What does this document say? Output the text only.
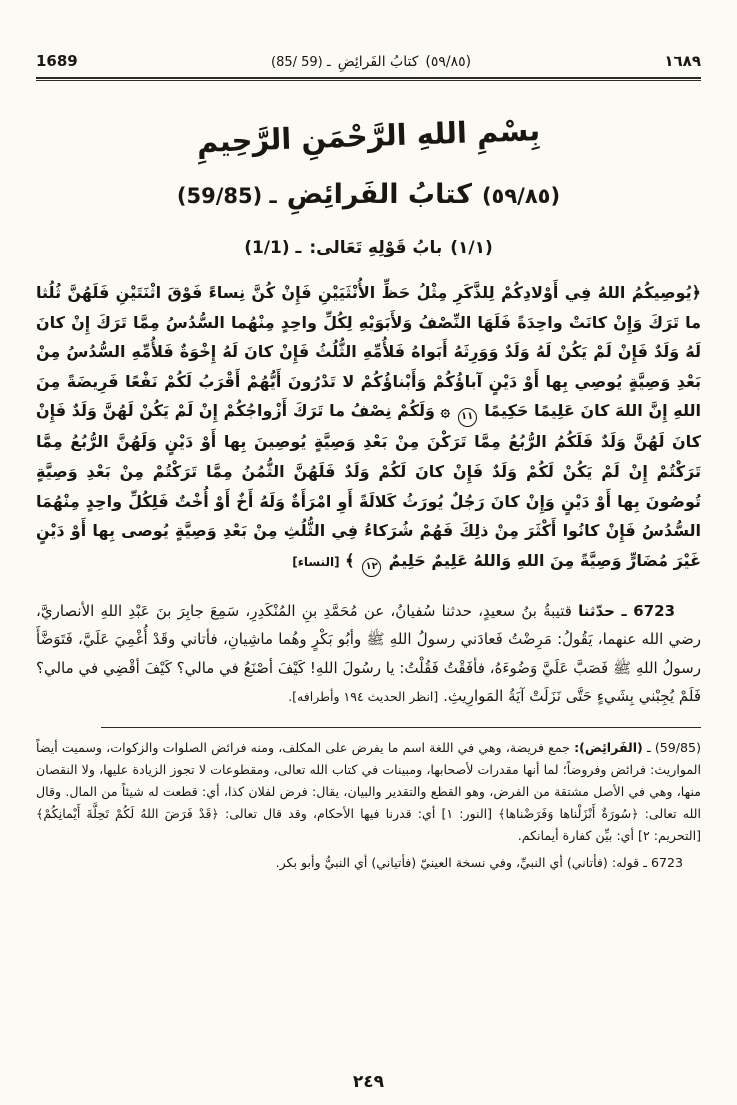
1689	(85/ 59) ـ كتابُ الفَرائِضِ (٥٩/٨٥)	١٦٨٩
بِسْمِ اللهِ الرَّحْمَنِ الرَّحِيمِ
(59/85) ـ كتابُ الفَرائِضِ (٥٩/٨٥)
(1/1) ـ بابُ قَوْلِهِ تَعَالى: (١/١)

﴿يُوصِيكُمُ اللهُ فِي أَوْلادِكُمْ لِلذَّكَرِ مِثْلُ حَظِّ الأُنْثَيَيْنِ فَإِنْ كُنَّ نِساءً فَوْقَ اثْنَتَيْنِ فَلَهُنَّ ثُلُثا ما تَرَكَ وَإِنْ كانَتْ واحِدَةً فَلَهَا النِّصْفُ وَلأَبَوَيْهِ لِكُلِّ واحِدٍ مِنْهُما السُّدُسُ مِمَّا تَرَكَ إِنْ كانَ لَهُ وَلَدٌ فَإِنْ لَمْ يَكُنْ لَهُ وَلَدٌ وَوَرِثَهُ أَبَواهُ فَلأُمِّهِ الثُّلُثُ فَإِنْ كانَ لَهُ إِخْوَةٌ فَلأُمِّهِ السُّدُسُ مِنْ بَعْدِ وَصِيَّةٍ يُوصِي بِها أَوْ دَيْنٍ آباؤُكُمْ وَأَبْناؤُكُمْ لا تَدْرُونَ أَيُّهُمْ أَقْرَبُ لَكُمْ نَفْعًا فَرِيضَةً مِنَ اللهِ إِنَّ اللهَ كانَ عَلِيمًا حَكِيمًا ١١ ۞ وَلَكُمْ نِصْفُ ما تَرَكَ أَزْواجُكُمْ إِنْ لَمْ يَكُنْ لَهُنَّ وَلَدٌ فَإِنْ كانَ لَهُنَّ وَلَدٌ فَلَكُمُ الرُّبُعُ مِمَّا تَرَكْنَ مِنْ بَعْدِ وَصِيَّةٍ يُوصِينَ بِها أَوْ دَيْنٍ وَلَهُنَّ الرُّبُعُ مِمَّا تَرَكْتُمْ إِنْ لَمْ يَكُنْ لَكُمْ وَلَدٌ فَإِنْ كانَ لَكُمْ وَلَدٌ فَلَهُنَّ الثُّمُنُ مِمَّا تَرَكْتُمْ مِنْ بَعْدِ وَصِيَّةٍ تُوصُونَ بِها أَوْ دَيْنٍ وَإِنْ كانَ رَجُلٌ يُورَثُ كَلالَةً أَوِ امْرَأَةٌ وَلَهُ أَخٌ أَوْ أُخْتٌ فَلِكُلِّ واحِدٍ مِنْهُمَا السُّدُسُ فَإِنْ كانُوا أَكْثَرَ مِنْ ذلِكَ فَهُمْ شُرَكاءُ فِي الثُّلُثِ مِنْ بَعْدِ وَصِيَّةٍ يُوصى بِها أَوْ دَيْنٍ غَيْرَ مُضَارٍّ وَصِيَّةً مِنَ اللهِ وَاللهُ عَلِيمٌ حَلِيمٌ ١٢ ﴾ [النساء]

6723 ـ حدّثنا قتيبةُ بنُ سعيدٍ، حدثنا سُفيانُ، عن مُحَمَّدِ بنِ المُنْكَدِرِ، سَمِعَ جابِرَ بنَ عَبْدِ اللهِ الأنصاريَّ، رضي الله عنهما، يَقُولُ: مَرِضْتُ فَعادَني رسولُ اللهِ ﷺ وأبُو بَكْرٍ وهُما ماشِيانِ، فأتاني وقَدْ أُغْمِيَ عَلَيَّ، فَتَوَضَّأَ رسولُ اللهِ ﷺ فَصَبَّ عَلَيَّ وَضُوءَهُ، فأفَقْتُ فَقُلْتُ: يا رسُولَ اللهِ! كَيْفَ أصْنَعُ في مالي؟ كَيْفَ أقْضِي في مالي؟ فَلَمْ يُجِبْني بِشَيءٍ حَتَّى نَزَلَتْ آيَةُ المَوارِيثِ. [انظر الحديث ١٩٤ وأطرافه].

(59/85) ـ (الفَرائِض): جمع فريضة، وهي في اللغة اسم ما يفرض على المكلف، ومنه فرائض الصلوات والزكوات، وسميت أيضاً المواريث: فرائض وفروضاً؛ لما أنها مقدرات لأصحابها، ومبينات في كتاب الله تعالى، ومقطوعات لا تجوز الزيادة عليها، ولا النقصان منها، وهي في الأصل مشتقة من الفرض، وهو القطع والتقدير والبيان، يقال: فرض لفلان كذا، أي: قطعت له شيئاً من المال. وقال الله تعالى: ﴿سُورَةٌ أَنْزَلْناها وَفَرَضْناها﴾ [النور: ١] أي: قدرنا فيها الأحكام، وقد قال تعالى: ﴿قَدْ فَرَضَ اللهُ لَكُمْ تَحِلَّةَ أَيْمانِكُمْ﴾ [التحريم: ٢] أي: بيِّن كفارة أيمانكم.

6723 ـ قوله: (فأتاني) أي النبيِّ، وفي نسخة العينيّ (فأتياني) أي النبيُّ وأبو بكر.

٢٤٩
